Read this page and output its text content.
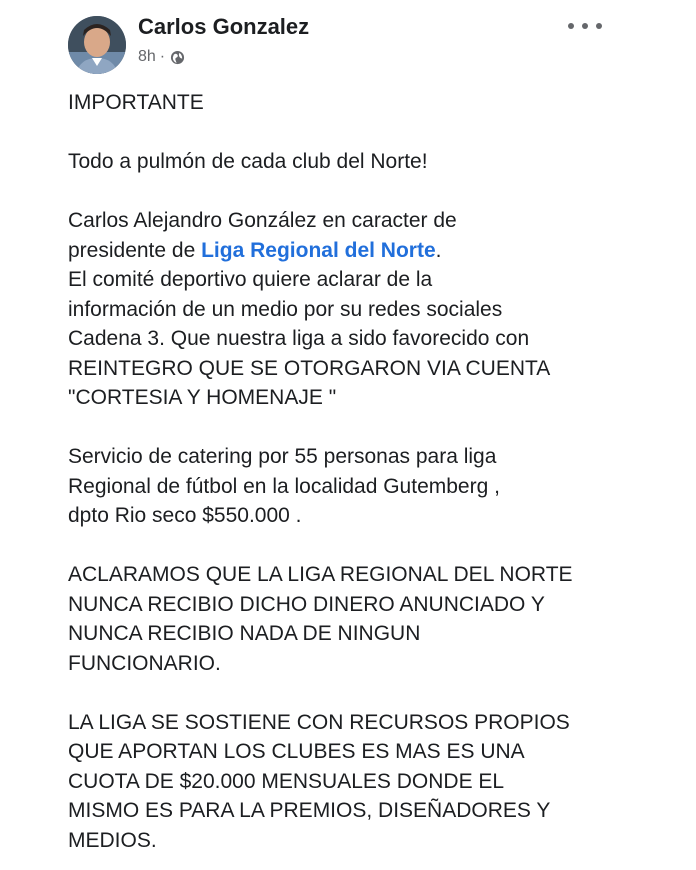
Carlos Gonzalez
8h ·

IMPORTANTE

Todo a pulmón de cada club del Norte!

Carlos Alejandro González en caracter de

presidente de Liga Regional del Norte.

El comité deportivo quiere aclarar de la

información de un medio por su redes sociales

Cadena 3. Que nuestra liga a sido favorecido con

REINTEGRO QUE SE OTORGARON VIA CUENTA

"CORTESIA Y HOMENAJE "

Servicio de catering por 55 personas para liga

Regional de fútbol en la localidad Gutemberg ,

dpto Rio seco $550.000 .

ACLARAMOS QUE LA LIGA REGIONAL DEL NORTE

NUNCA RECIBIO DICHO DINERO ANUNCIADO Y

NUNCA RECIBIO NADA DE NINGUN

FUNCIONARIO.

LA LIGA SE SOSTIENE CON RECURSOS PROPIOS

QUE APORTAN LOS CLUBES ES MAS ES UNA

CUOTA DE $20.000 MENSUALES DONDE EL

MISMO ES PARA LA PREMIOS, DISEÑADORES Y

MEDIOS.
